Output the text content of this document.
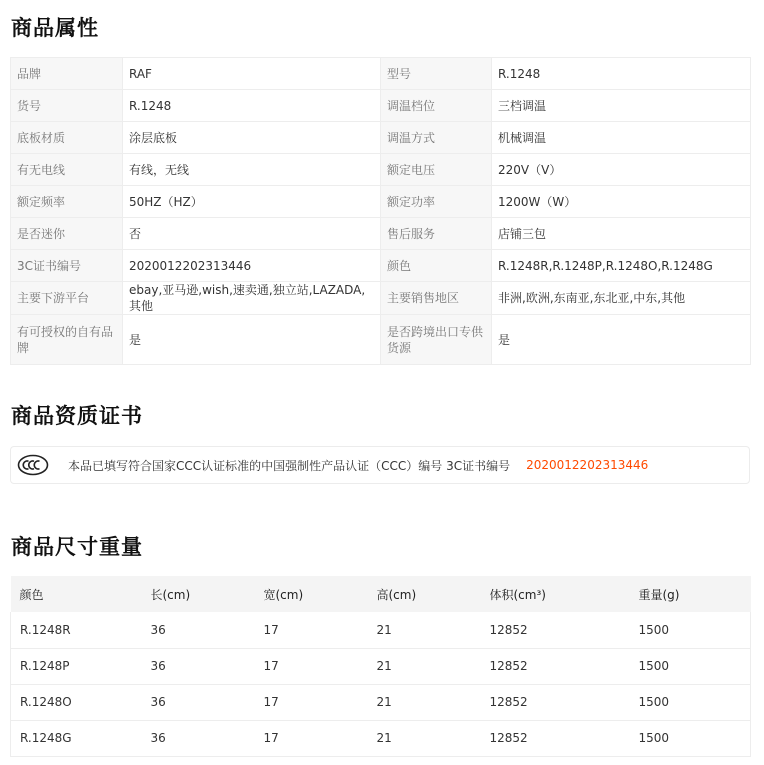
商品属性
品牌	RAF	型号	R.1248
货号	R.1248	调温档位	三档调温
底板材质	涂层底板	调温方式	机械调温
有无电线	有线，无线	额定电压	220V（V）
额定频率	50HZ（HZ）	额定功率	1200W（W）
是否迷你	否	售后服务	店铺三包
3C证书编号	2020012202313446	颜色	R.1248R,R.1248P,R.1248O,R.1248G
主要下游平台	ebay,亚马逊,wish,速卖通,独立站,LAZADA,其他	主要销售地区	非洲,欧洲,东南亚,东北亚,中东,其他
有可授权的自有品牌	是	是否跨境出口专供货源	是
商品资质证书
本品已填写符合国家CCC认证标准的中国强制性产品认证（CCC）编号 3C证书编号 2020012202313446
商品尺寸重量
颜色	长(cm)	宽(cm)	高(cm)	体积(cm³)	重量(g)
R.1248R	36	17	21	12852	1500
R.1248P	36	17	21	12852	1500
R.1248O	36	17	21	12852	1500
R.1248G	36	17	21	12852	1500
